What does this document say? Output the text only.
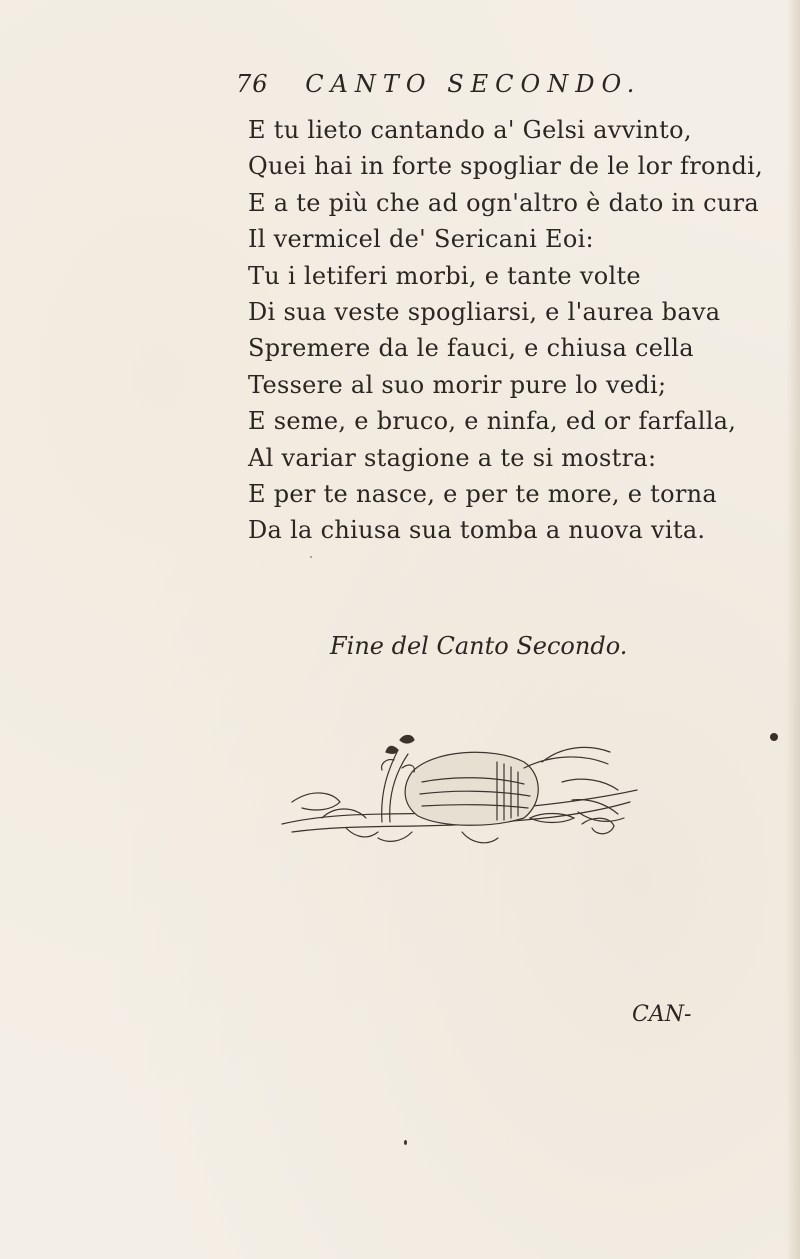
76 CANTO SECONDO.
E tu lieto cantando a' Gelsi avvinto,
Quei hai in forte spogliar de le lor frondi,
E a te più che ad ogn'altro è dato in cura
Il vermicel de' Sericani Eoi:
Tu i letiferi morbi, e tante volte
Di sua veste spogliarsi, e l'aurea bava
Spremere da le fauci, e chiusa cella
Tessere al suo morir pure lo vedi;
E seme, e bruco, e ninfa, ed or farfalla,
Al variar stagione a te si mostra:
E per te nasce, e per te more, e torna
Da la chiusa sua tomba a nuova vita.
Fine del Canto Secondo.
CAN-
